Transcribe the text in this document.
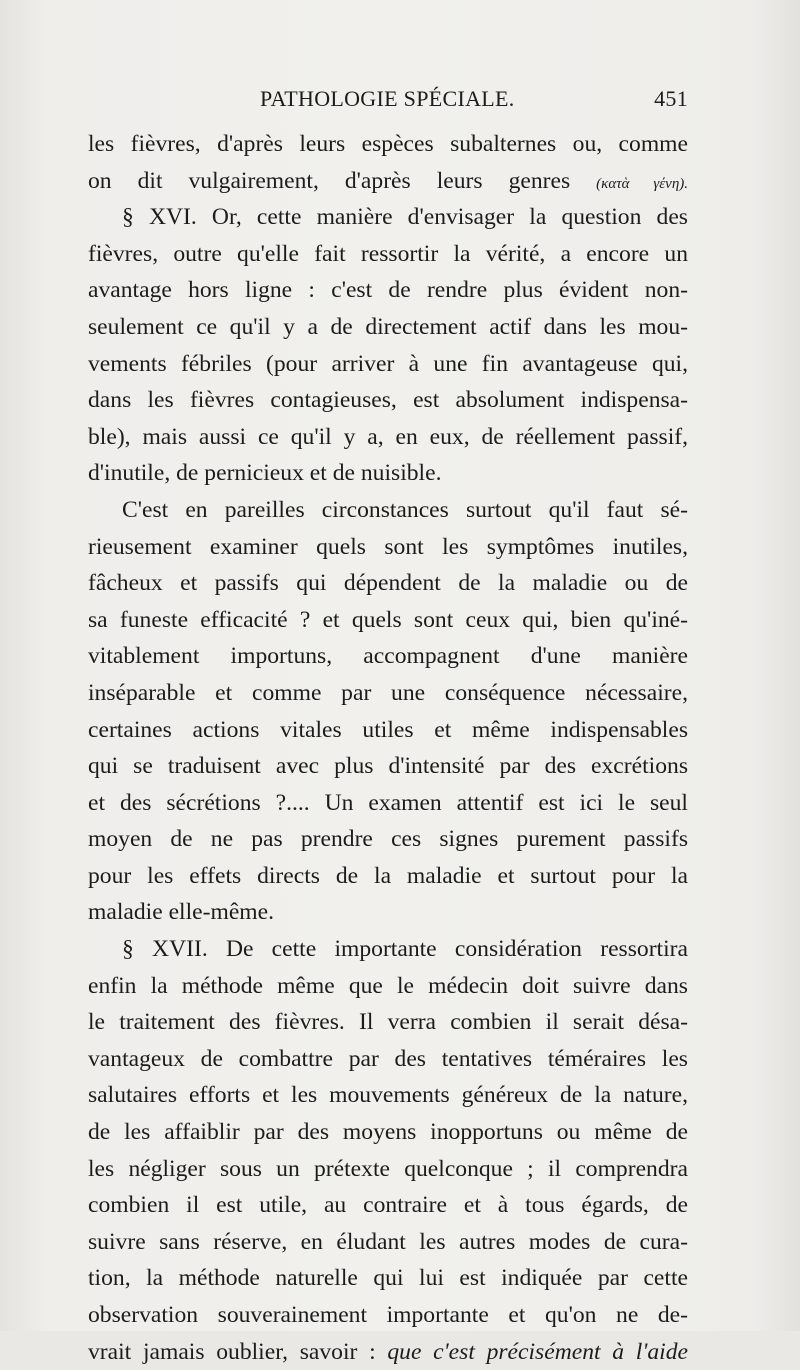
PATHOLOGIE SPÉCIALE.	451
les fièvres, d'après leurs espèces subalternes ou, comme
on dit vulgairement, d'après leurs genres (κατὰ γένη).
§ XVI. Or, cette manière d'envisager la question des
fièvres, outre qu'elle fait ressortir la vérité, a encore un
avantage hors ligne : c'est de rendre plus évident non-
seulement ce qu'il y a de directement actif dans les mou-
vements fébriles (pour arriver à une fin avantageuse qui,
dans les fièvres contagieuses, est absolument indispensa-
ble), mais aussi ce qu'il y a, en eux, de réellement passif,
d'inutile, de pernicieux et de nuisible.
C'est en pareilles circonstances surtout qu'il faut sé-
rieusement examiner quels sont les symptômes inutiles,
fâcheux et passifs qui dépendent de la maladie ou de
sa funeste efficacité ? et quels sont ceux qui, bien qu'iné-
vitablement importuns, accompagnent d'une manière
inséparable et comme par une conséquence nécessaire,
certaines actions vitales utiles et même indispensables
qui se traduisent avec plus d'intensité par des excrétions
et des sécrétions ?.... Un examen attentif est ici le seul
moyen de ne pas prendre ces signes purement passifs
pour les effets directs de la maladie et surtout pour la
maladie elle-même.
§ XVII. De cette importante considération ressortira
enfin la méthode même que le médecin doit suivre dans
le traitement des fièvres. Il verra combien il serait désa-
vantageux de combattre par des tentatives téméraires les
salutaires efforts et les mouvements généreux de la nature,
de les affaiblir par des moyens inopportuns ou même de
les négliger sous un prétexte quelconque ; il comprendra
combien il est utile, au contraire et à tous égards, de
suivre sans réserve, en éludant les autres modes de cura-
tion, la méthode naturelle qui lui est indiquée par cette
observation souverainement importante et qu'on ne de-
vrait jamais oublier, savoir : que c'est précisément à l'aide
